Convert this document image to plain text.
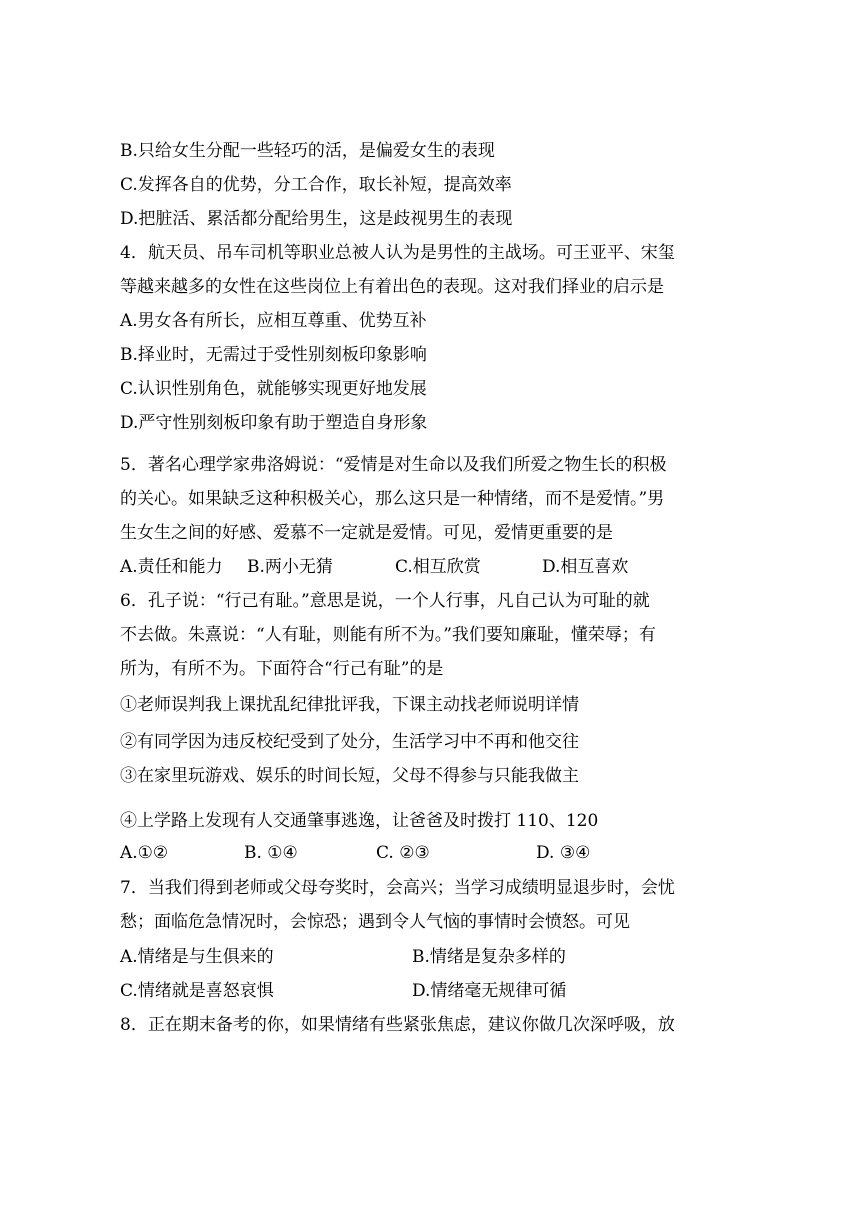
B.只给女生分配一些轻巧的活，是偏爱女生的表现
C.发挥各自的优势，分工合作，取长补短，提高效率
D.把脏活、累活都分配给男生，这是歧视男生的表现
4．航天员、吊车司机等职业总被人认为是男性的主战场。可王亚平、宋玺
等越来越多的女性在这些岗位上有着出色的表现。这对我们择业的启示是
A.男女各有所长，应相互尊重、优势互补
B.择业时，无需过于受性别刻板印象影响
C.认识性别角色，就能够实现更好地发展
D.严守性别刻板印象有助于塑造自身形象
5．著名心理学家弗洛姆说：“爱情是对生命以及我们所爱之物生长的积极
的关心。如果缺乏这种积极关心，那么这只是一种情绪，而不是爱情。”男
生女生之间的好感、爱慕不一定就是爱情。可见，爱情更重要的是
A.责任和能力 B.两小无猜	C.相互欣赏	D.相互喜欢
6．孔子说：“行己有耻。”意思是说，一个人行事，凡自己认为可耻的就
不去做。朱熹说：“人有耻，则能有所不为。”我们要知廉耻，懂荣辱；有
所为，有所不为。下面符合“行己有耻”的是
①老师误判我上课扰乱纪律批评我，下课主动找老师说明详情
②有同学因为违反校纪受到了处分，生活学习中不再和他交往
③在家里玩游戏、娱乐的时间长短，父母不得参与只能我做主
④上学路上发现有人交通肇事逃逸，让爸爸及时拨打 110、120
A.①②	B. ①④	C. ②③	D. ③④
7．当我们得到老师或父母夸奖时，会高兴；当学习成绩明显退步时，会忧
愁；面临危急情况时，会惊恐；遇到令人气恼的事情时会愤怒。可见
A.情绪是与生俱来的	B.情绪是复杂多样的
C.情绪就是喜怒哀惧	D.情绪毫无规律可循
8．正在期末备考的你，如果情绪有些紧张焦虑，建议你做几次深呼吸，放
